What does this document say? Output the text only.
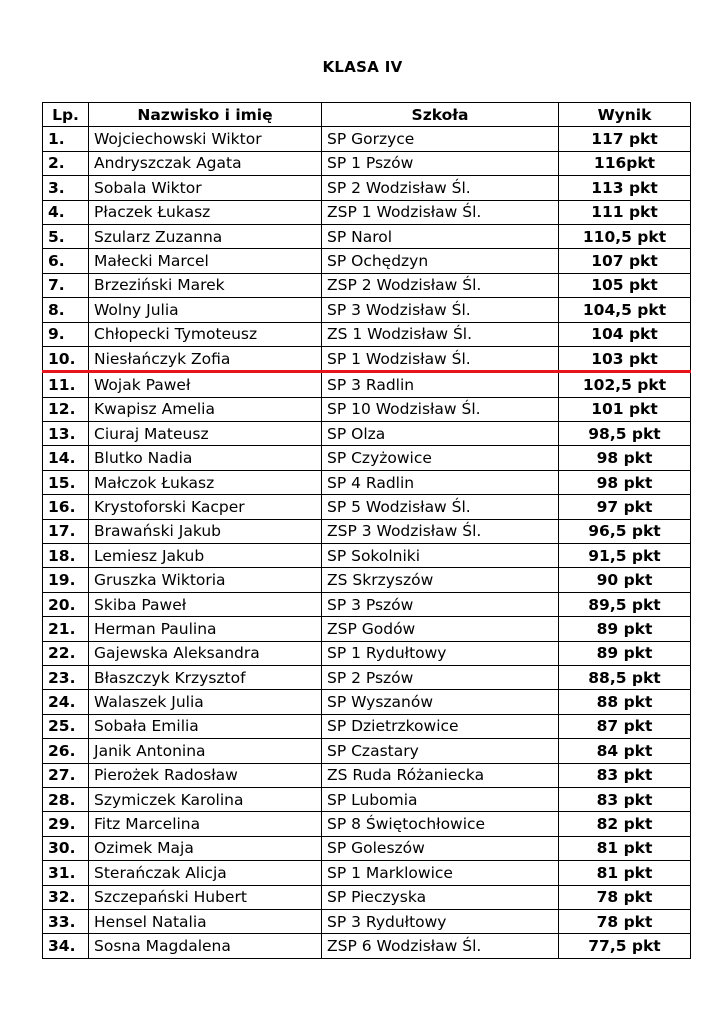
KLASA IV
Lp.	Nazwisko i imię	Szkoła	Wynik
1.	Wojciechowski Wiktor	SP Gorzyce	117 pkt
2.	Andryszczak Agata	SP 1 Pszów	116pkt
3.	Sobala Wiktor	SP 2 Wodzisław Śl.	113 pkt
4.	Płaczek Łukasz	ZSP 1 Wodzisław Śl.	111 pkt
5.	Szularz Zuzanna	SP Narol	110,5 pkt
6.	Małecki Marcel	SP Ochędzyn	107 pkt
7.	Brzeziński Marek	ZSP 2 Wodzisław Śl.	105 pkt
8.	Wolny Julia	SP 3 Wodzisław Śl.	104,5 pkt
9.	Chłopecki Tymoteusz	ZS 1 Wodzisław Śl.	104 pkt
10.	Niesłańczyk Zofia	SP 1 Wodzisław Śl.	103 pkt
11.	Wojak Paweł	SP 3 Radlin	102,5 pkt
12.	Kwapisz Amelia	SP 10 Wodzisław Śl.	101 pkt
13.	Ciuraj Mateusz	SP Olza	98,5 pkt
14.	Blutko Nadia	SP Czyżowice	98 pkt
15.	Małczok Łukasz	SP 4 Radlin	98 pkt
16.	Krystoforski Kacper	SP 5 Wodzisław Śl.	97 pkt
17.	Brawański Jakub	ZSP 3 Wodzisław Śl.	96,5 pkt
18.	Lemiesz Jakub	SP Sokolniki	91,5 pkt
19.	Gruszka Wiktoria	ZS Skrzyszów	90 pkt
20.	Skiba Paweł	SP 3 Pszów	89,5 pkt
21.	Herman Paulina	ZSP Godów	89 pkt
22.	Gajewska Aleksandra	SP 1 Rydułtowy	89 pkt
23.	Błaszczyk Krzysztof	SP 2 Pszów	88,5 pkt
24.	Walaszek Julia	SP Wyszanów	88 pkt
25.	Sobała Emilia	SP Dzietrzkowice	87 pkt
26.	Janik Antonina	SP Czastary	84 pkt
27.	Pierożek Radosław	ZS Ruda Różaniecka	83 pkt
28.	Szymiczek Karolina	SP Lubomia	83 pkt
29.	Fitz Marcelina	SP 8 Świętochłowice	82 pkt
30.	Ozimek Maja	SP Goleszów	81 pkt
31.	Sterańczak Alicja	SP 1 Marklowice	81 pkt
32.	Szczepański Hubert	SP Pieczyska	78 pkt
33.	Hensel Natalia	SP 3 Rydułtowy	78 pkt
34.	Sosna Magdalena	ZSP 6 Wodzisław Śl.	77,5 pkt
